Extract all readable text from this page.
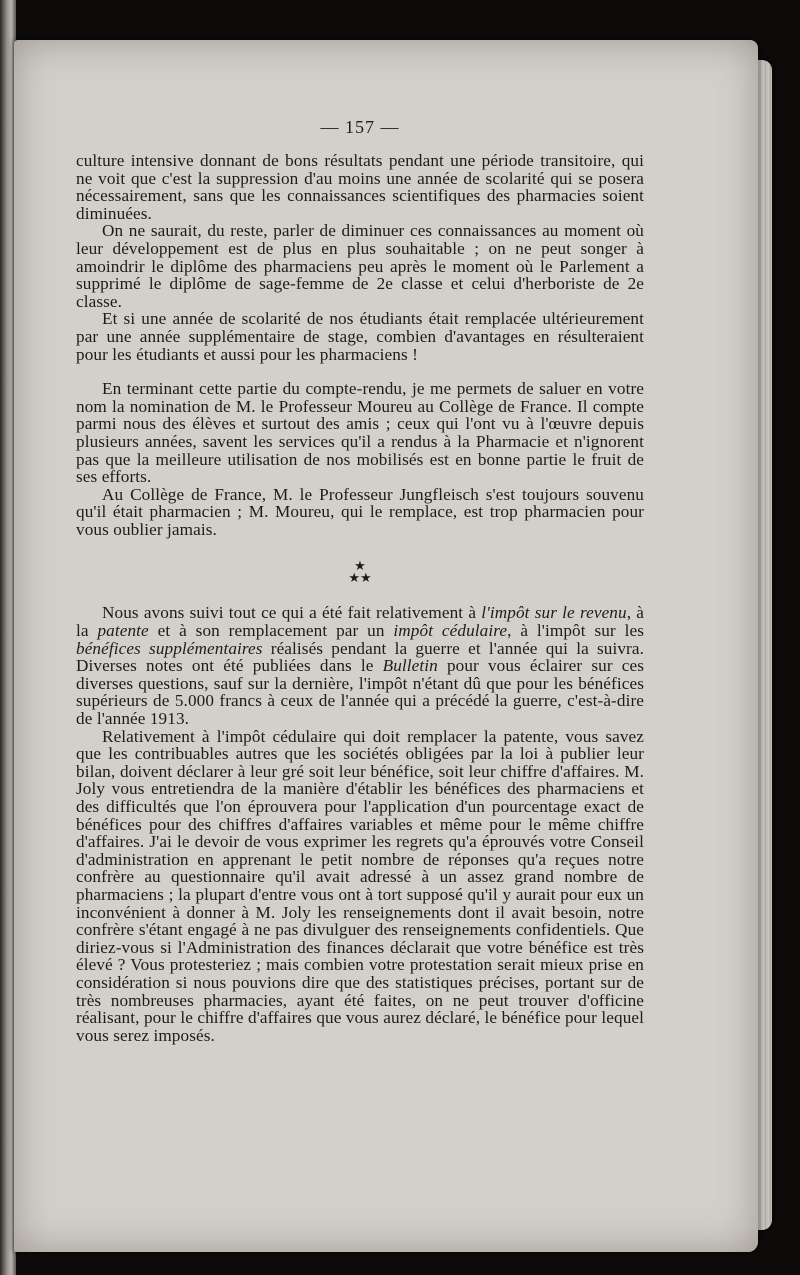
— 157 —

culture intensive donnant de bons résultats pendant une période transitoire, qui ne voit que c'est la suppression d'au moins une année de scolarité qui se posera nécessairement, sans que les connaissances scientifiques des pharmacies soient diminuées.

On ne saurait, du reste, parler de diminuer ces connaissances au moment où leur développement est de plus en plus souhaitable ; on ne peut songer à amoindrir le diplôme des pharmaciens peu après le moment où le Parlement a supprimé le diplôme de sage-femme de 2e classe et celui d'herboriste de 2e classe.

Et si une année de scolarité de nos étudiants était remplacée ultérieurement par une année supplémentaire de stage, combien d'avantages en résulteraient pour les étudiants et aussi pour les pharmaciens !

En terminant cette partie du compte-rendu, je me permets de saluer en votre nom la nomination de M. le Professeur Moureu au Collège de France. Il compte parmi nous des élèves et surtout des amis ; ceux qui l'ont vu à l'œuvre depuis plusieurs années, savent les services qu'il a rendus à la Pharmacie et n'ignorent pas que la meilleure utilisation de nos mobilisés est en bonne partie le fruit de ses efforts.

Au Collège de France, M. le Professeur Jungfleisch s'est toujours souvenu qu'il était pharmacien ; M. Moureu, qui le remplace, est trop pharmacien pour vous oublier jamais.

★
★★

Nous avons suivi tout ce qui a été fait relativement à l'impôt sur le revenu, à la patente et à son remplacement par un impôt cédulaire, à l'impôt sur les bénéfices supplémentaires réalisés pendant la guerre et l'année qui la suivra. Diverses notes ont été publiées dans le Bulletin pour vous éclairer sur ces diverses questions, sauf sur la dernière, l'impôt n'étant dû que pour les bénéfices supérieurs de 5.000 francs à ceux de l'année qui a précédé la guerre, c'est-à-dire de l'année 1913.

Relativement à l'impôt cédulaire qui doit remplacer la patente, vous savez que les contribuables autres que les sociétés obligées par la loi à publier leur bilan, doivent déclarer à leur gré soit leur bénéfice, soit leur chiffre d'affaires. M. Joly vous entretiendra de la manière d'établir les bénéfices des pharmaciens et des difficultés que l'on éprouvera pour l'application d'un pourcentage exact de bénéfices pour des chiffres d'affaires variables et même pour le même chiffre d'affaires. J'ai le devoir de vous exprimer les regrets qu'a éprouvés votre Conseil d'administration en apprenant le petit nombre de réponses qu'a reçues notre confrère au questionnaire qu'il avait adressé à un assez grand nombre de pharmaciens ; la plupart d'entre vous ont à tort supposé qu'il y aurait pour eux un inconvénient à donner à M. Joly les renseignements dont il avait besoin, notre confrère s'étant engagé à ne pas divulguer des renseignements confidentiels. Que diriez-vous si l'Administration des finances déclarait que votre bénéfice est très élevé ? Vous protesteriez ; mais combien votre protestation serait mieux prise en considération si nous pouvions dire que des statistiques précises, portant sur de très nombreuses pharmacies, ayant été faites, on ne peut trouver d'officine réalisant, pour le chiffre d'affaires que vous aurez déclaré, le bénéfice pour lequel vous serez imposés.
